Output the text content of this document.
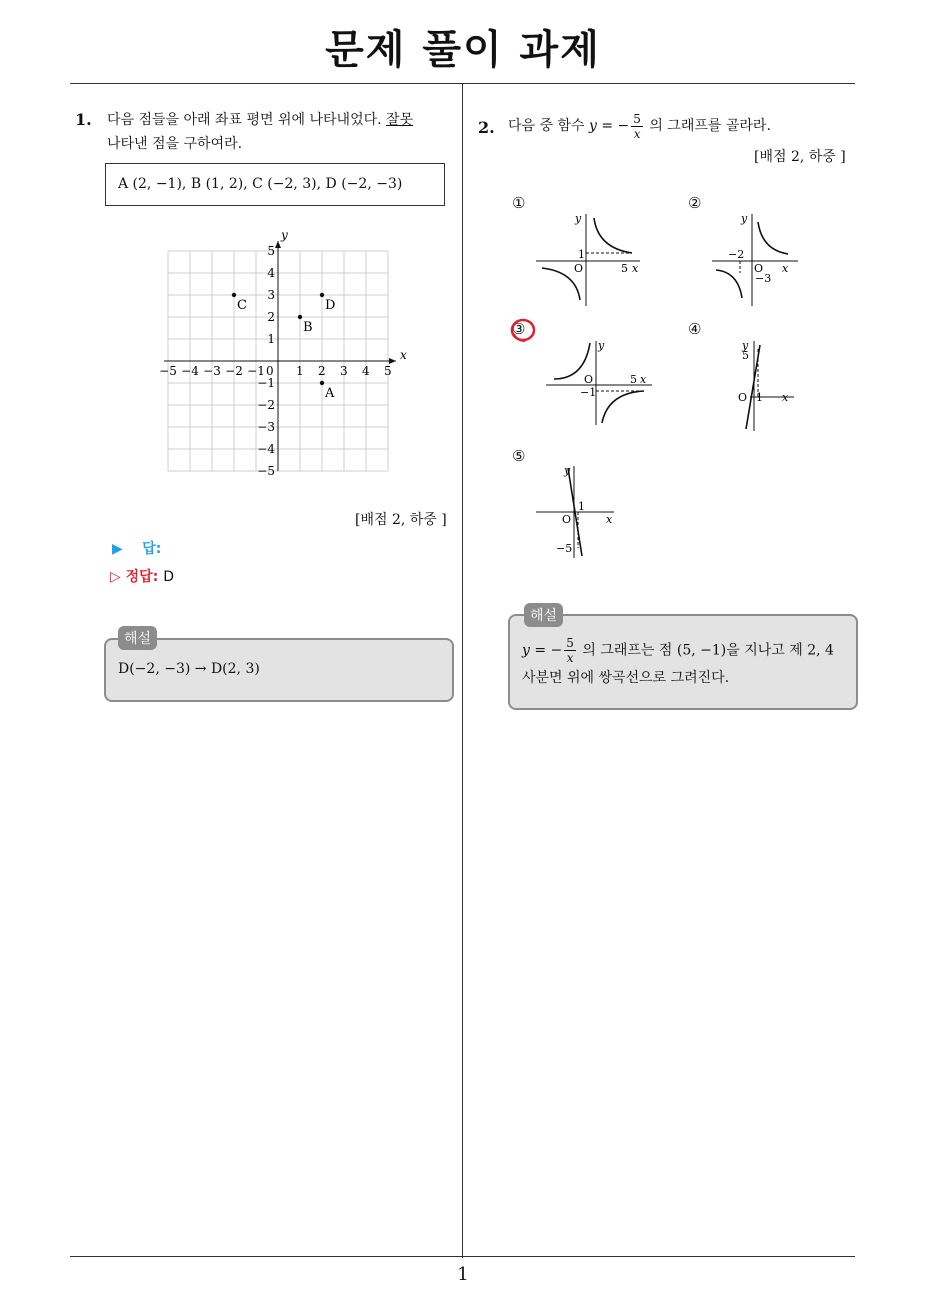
문제 풀이 과제
1. 다음 점들을 아래 좌표 평면 위에 나타내었다. 잘못
나타낸 점을 구하여라.
A (2, −1), B (1, 2), C (−2, 3), D (−2, −3)
x
y
−5 −4 −3 −2 −1 0 1 2 3 4 5
5
4
3
2
1
−1
−2
−3
−4
−5
C	D
B
A
[배점 2, 하중 ]
▶ 답:
▷ 정답: D
해설
D(−2, −3) → D(2, 3)
2. 다음 중 함수 y = − $\frac{5}{x}$ 의 그래프를 골라라.
[배점 2, 하중 ]
①	②
③	④
⑤
y
x
1
5
O
y
x
−2
O
−3
y
x
5
O
−1
y
x
5
O 1
y
x
1
O
−5
해설
y = − $\frac{5}{x}$ 의 그래프는 점 (5, −1)을 지나고 제 2, 4
사분면 위에 쌍곡선으로 그려진다.
1
